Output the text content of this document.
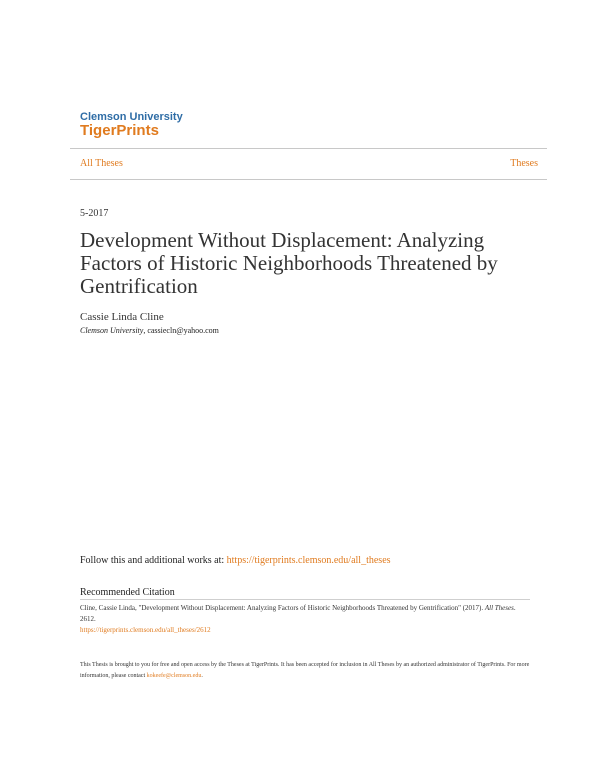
Clemson University
TigerPrints
All Theses	Theses
5-2017
Development Without Displacement: Analyzing Factors of Historic Neighborhoods Threatened by Gentrification
Cassie Linda Cline
Clemson University, cassiecln@yahoo.com
Follow this and additional works at: https://tigerprints.clemson.edu/all_theses
Recommended Citation
Cline, Cassie Linda, "Development Without Displacement: Analyzing Factors of Historic Neighborhoods Threatened by Gentrification" (2017). All Theses. 2612.
https://tigerprints.clemson.edu/all_theses/2612
This Thesis is brought to you for free and open access by the Theses at TigerPrints. It has been accepted for inclusion in All Theses by an authorized administrator of TigerPrints. For more information, please contact kokeefe@clemson.edu.
